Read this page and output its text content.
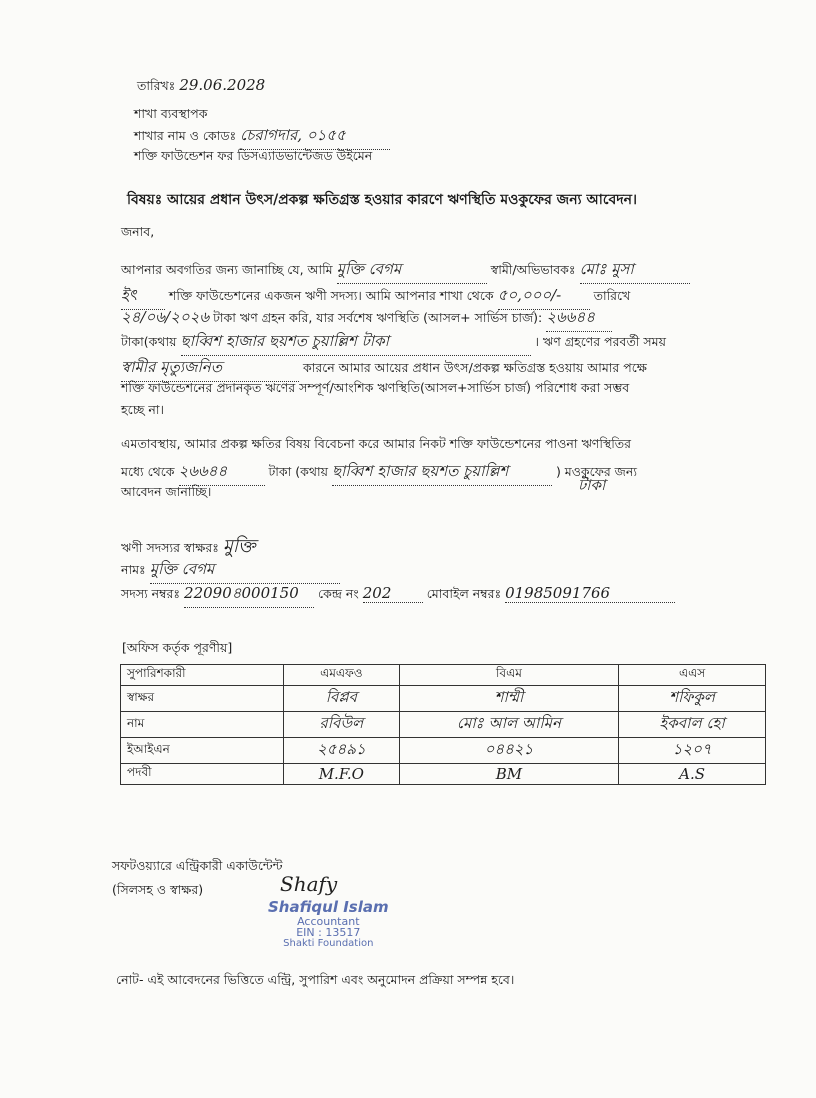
তারিখঃ 29.06.2028
শাখা ব্যবস্থাপক
শাখার নাম ও কোডঃ চেরাগদার, ০১৫৫
শক্তি ফাউন্ডেশন ফর ডিসএ্যাডভান্টেজড উইমেন
বিষয়ঃ আয়ের প্রধান উৎস/প্রকল্প ক্ষতিগ্রস্ত হওয়ার কারণে ঋণস্থিতি মওকুফের জন্য আবেদন।
জনাব,
আপনার অবগতির জন্য জানাচ্ছি যে, আমি মুক্তি বেগম	স্বামী/অভিভাবকঃ মোঃ মুসা
ইৎ	শক্তি ফাউন্ডেশনের একজন ঋণী সদস্য। আমি আপনার শাখা থেকে ৫০,০০০/-	তারিখে
২৪/০৬/২০২৬ টাকা ঋণ গ্রহন করি, যার সর্বশেষ ঋণস্থিতি (আসল+ সার্ভিস চার্জ): ২৬৬৪৪
টাকা(কথায় ছাব্বিশ হাজার ছয়শত চুয়াল্লিশ টাকা	। ঋণ গ্রহণের পরবর্তী সময়
স্বামীর মৃত্যুজনিত	কারনে আমার আয়ের প্রধান উৎস/প্রকল্প ক্ষতিগ্রস্ত হওয়ায় আমার পক্ষে
শক্তি ফাউন্ডেশনের প্রদানকৃত ঋণের সম্পূর্ণ/আংশিক ঋণস্থিতি(আসল+সার্ভিস চার্জ) পরিশোধ করা সম্ভব
হচ্ছে না।
এমতাবস্থায়, আমার প্রকল্প ক্ষতির বিষয় বিবেচনা করে আমার নিকট শক্তি ফাউন্ডেশনের পাওনা ঋণস্থিতির
মধ্যে থেকে ২৬৬৪৪	টাকা (কথায় ছাব্বিশ হাজার ছয়শত চুয়াল্লিশ	) মওকুফের জন্য
টাকা
আবেদন জানাচ্ছি।
ঋণী সদস্যর স্বাক্ষরঃ মুক্তি
নামঃ মুক্তি বেগম
সদস্য নম্বরঃ 22090৪000150 কেন্দ্র নং 202	মোবাইল নম্বরঃ 01985091766
[অফিস কর্তৃক পূরণীয়]
সুপারিশকারী	এমএফও	বিএম	এএস
স্বাক্ষর	বিপ্লব	শাম্মী	শফিকুল
নাম	রবিউল	মোঃ আল আমিন	ইকবাল হো
ইআইএন	২৫৪৯১	০৪৪২১	১২০৭
পদবী	M.F.O	BM	A.S
সফটওয়্যারে এন্ট্রিকারী একাউন্টেন্ট
(সিলসহ ও স্বাক্ষর)	Shafy
Shafiqul Islam
Accountant
EIN : 13517
Shakti Foundation
নোট- এই আবেদনের ভিত্তিতে এন্ট্রি, সুপারিশ এবং অনুমোদন প্রক্রিয়া সম্পন্ন হবে।
